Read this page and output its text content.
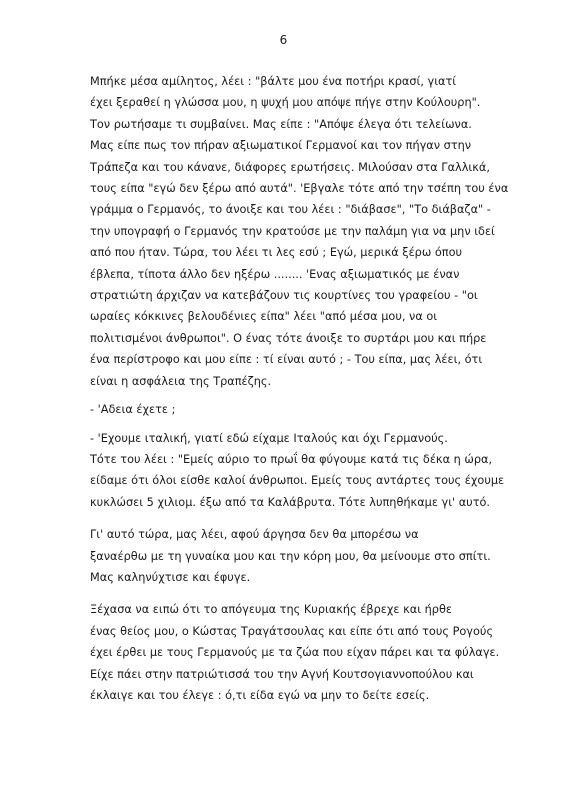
6
Μπήκε μέσα αμίλητος, λέει : "βάλτε μου ένα ποτήρι κρασί, γιατί
έχει ξεραθεί η γλώσσα μου, η ψυχή μου απόψε πήγε στην Κούλουρη".
Τον ρωτήσαμε τι συμβαίνει. Μας είπε : "Απόψε έλεγα ότι τελείωνα.
Μας είπε πως τον πήραν αξιωματικοί Γερμανοί και τον πήγαν στην
Τράπεζα και του κάνανε, διάφορες ερωτήσεις. Μιλούσαν στα Γαλλικά,
τους είπα "εγώ δεν ξέρω από αυτά". 'Εβγαλε τότε από την τσέπη του ένα
γράμμα ο Γερμανός, το άνοιξε και του λέει : "διάβασε", "Το διάβαζα" -
την υπογραφή ο Γερμανός την κρατούσε με την παλάμη για να μην ιδεί
από που ήταν. Τώρα, του λέει τι λες εσύ ; Εγώ, μερικά ξέρω όπου
έβλεπα, τίποτα άλλο δεν ηξέρω ........ 'Ενας αξιωματικός με έναν
στρατιώτη άρχιζαν να κατεβάζουν τις κουρτίνες του γραφείου - "οι
ωραίες κόκκινες βελουδένιες είπα" λέει "από μέσα μου, να οι
πολιτισμένοι άνθρωποι". Ο ένας τότε άνοιξε το συρτάρι μου και πήρε
ένα περίστροφο και μου είπε : τί είναι αυτό ; - Του είπα, μας λέει, ότι
είναι η ασφάλεια της Τραπέζης.
- 'Αδεια έχετε ;
- 'Εχουμε ιταλική, γιατί εδώ είχαμε Ιταλούς και όχι Γερμανούς.
Τότε του λέει : "Εμείς αύριο το πρωΐ θα φύγουμε κατά τις δέκα η ώρα,
είδαμε ότι όλοι είσθε καλοί άνθρωποι. Εμείς τους αντάρτες τους έχουμε
κυκλώσει 5 χιλιομ. έξω από τα Καλάβρυτα. Τότε λυπηθήκαμε γι' αυτό.
Γι' αυτό τώρα, μας λέει, αφού άργησα δεν θα μπορέσω να
ξαναέρθω με τη γυναίκα μου και την κόρη μου, θα μείνουμε στο σπίτι.
Μας καληνύχτισε και έφυγε.
Ξέχασα να ειπώ ότι το απόγευμα της Κυριακής έβρεχε και ήρθε
ένας θείος μου, ο Κώστας Τραγάτσουλας και είπε ότι από τους Ρογούς
έχει έρθει με τους Γερμανούς με τα ζώα που είχαν πάρει και τα φύλαγε.
Είχε πάει στην πατριώτισσά του την Αγνή Κουτσογιαννοπούλου και
έκλαιγε και του έλεγε : ό,τι είδα εγώ να μην το δείτε εσείς.
